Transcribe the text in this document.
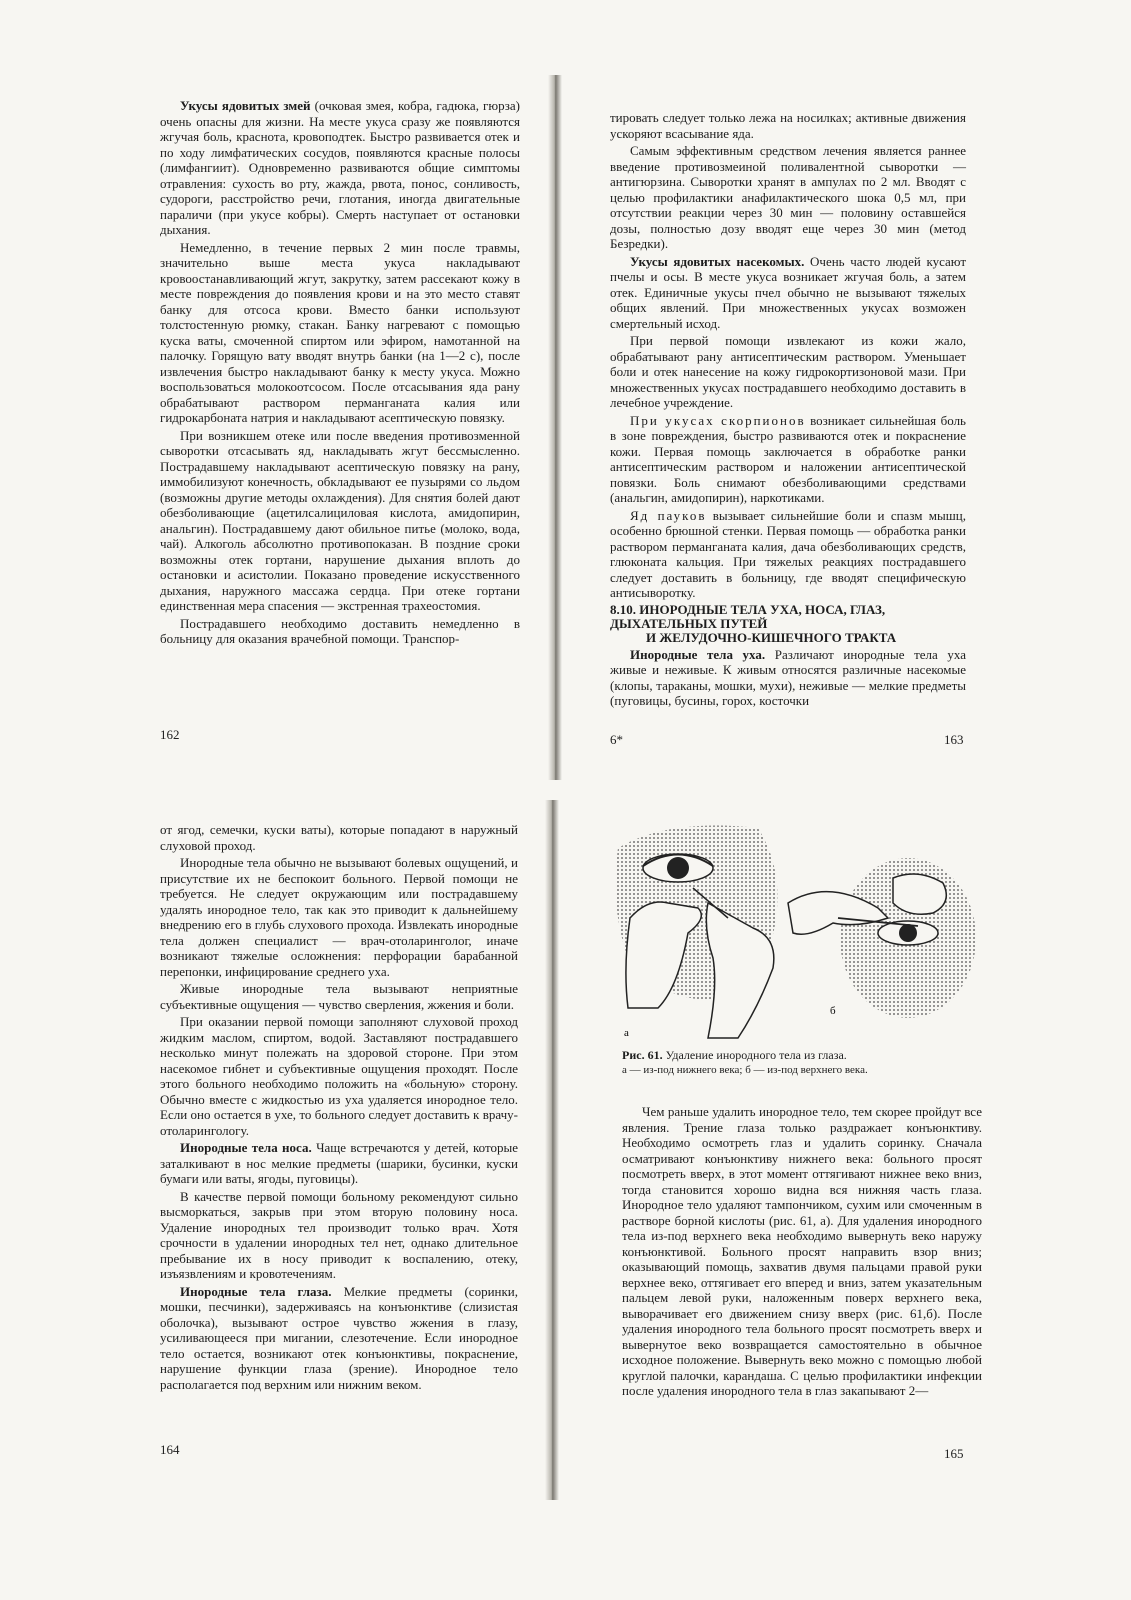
Укусы ядовитых змей (очковая змея, кобра, гадюка, гюрза) очень опасны для жизни. На месте укуса сразу же появляются жгучая боль, краснота, кровоподтек. Быстро развивается отек и по ходу лимфатических сосудов, появляются красные полосы (лимфангиит). Одновременно развиваются общие симптомы отравления: сухость во рту, жажда, рвота, понос, сонливость, судороги, расстройство речи, глотания, иногда двигательные параличи (при укусе кобры). Смерть наступает от остановки дыхания.

Немедленно, в течение первых 2 мин после травмы, значительно выше места укуса накладывают кровоостанавливающий жгут, закрутку, затем рассекают кожу в месте повреждения до появления крови и на это место ставят банку для отсоса крови. Вместо банки используют толстостенную рюмку, стакан. Банку нагревают с помощью куска ваты, смоченной спиртом или эфиром, намотанной на палочку. Горящую вату вводят внутрь банки (на 1—2 с), после извлечения быстро накладывают банку к месту укуса. Можно воспользоваться молокоотсосом. После отсасывания яда рану обрабатывают раствором перманганата калия или гидрокарбоната натрия и накладывают асептическую повязку.

При возникшем отеке или после введения противозменной сыворотки отсасывать яд, накладывать жгут бессмысленно. Пострадавшему накладывают асептическую повязку на рану, иммобилизуют конечность, обкладывают ее пузырями со льдом (возможны другие методы охлаждения). Для снятия болей дают обезболивающие (ацетилсалициловая кислота, амидопирин, анальгин). Пострадавшему дают обильное питье (молоко, вода, чай). Алкоголь абсолютно противопоказан. В поздние сроки возможны отек гортани, нарушение дыхания вплоть до остановки и асистолии. Показано проведение искусственного дыхания, наружного массажа сердца. При отеке гортани единственная мера спасения — экстренная трахеостомия.

Пострадавшего необходимо доставить немедленно в больницу для оказания врачебной помощи. Транспор-

162

тировать следует только лежа на носилках; активные движения ускоряют всасывание яда.

Самым эффективным средством лечения является раннее введение противозмеиной поливалентной сыворотки — антигюрзина. Сыворотки хранят в ампулах по 2 мл. Вводят с целью профилактики анафилактического шока 0,5 мл, при отсутствии реакции через 30 мин — половину оставшейся дозы, полностью дозу вводят еще через 30 мин (метод Безредки).

Укусы ядовитых насекомых. Очень часто людей кусают пчелы и осы. В месте укуса возникает жгучая боль, а затем отек. Единичные укусы пчел обычно не вызывают тяжелых общих явлений. При множественных укусах возможен смертельный исход.

При первой помощи извлекают из кожи жало, обрабатывают рану антисептическим раствором. Уменьшает боли и отек нанесение на кожу гидрокортизоновой мази. При множественных укусах пострадавшего необходимо доставить в лечебное учреждение.

При укусах скорпионов возникает сильнейшая боль в зоне повреждения, быстро развиваются отек и покраснение кожи. Первая помощь заключается в обработке ранки антисептическим раствором и наложении антисептической повязки. Боль снимают обезболивающими средствами (анальгин, амидопирин), наркотиками.

Яд пауков вызывает сильнейшие боли и спазм мышц, особенно брюшной стенки. Первая помощь — обработка ранки раствором перманганата калия, дача обезболивающих средств, глюконата кальция. При тяжелых реакциях пострадавшего следует доставить в больницу, где вводят специфическую антисыворотку.

8.10. ИНОРОДНЫЕ ТЕЛА УХА, НОСА, ГЛАЗ, ДЫХАТЕЛЬНЫХ ПУТЕЙ
И ЖЕЛУДОЧНО-КИШЕЧНОГО ТРАКТА

Инородные тела уха. Различают инородные тела уха живые и неживые. К живым относятся различные насекомые (клопы, тараканы, мошки, мухи), неживые — мелкие предметы (пуговицы, бусины, горох, косточки

6*	163

от ягод, семечки, куски ваты), которые попадают в наружный слуховой проход.

Инородные тела обычно не вызывают болевых ощущений, и присутствие их не беспокоит больного. Первой помощи не требуется. Не следует окружающим или пострадавшему удалять инородное тело, так как это приводит к дальнейшему внедрению его в глубь слухового прохода. Извлекать инородные тела должен специалист — врач-отоларинголог, иначе возникают тяжелые осложнения: перфорации барабанной перепонки, инфицирование среднего уха.

Живые инородные тела вызывают неприятные субъективные ощущения — чувство сверления, жжения и боли.

При оказании первой помощи заполняют слуховой проход жидким маслом, спиртом, водой. Заставляют пострадавшего несколько минут полежать на здоровой стороне. При этом насекомое гибнет и субъективные ощущения проходят. После этого больного необходимо положить на «больную» сторону. Обычно вместе с жидкостью из уха удаляется инородное тело. Если оно остается в ухе, то больного следует доставить к врачу-отоларингологу.

Инородные тела носа. Чаще встречаются у детей, которые заталкивают в нос мелкие предметы (шарики, бусинки, куски бумаги или ваты, ягоды, пуговицы).

В качестве первой помощи больному рекомендуют сильно высморкаться, закрыв при этом вторую половину носа. Удаление инородных тел производит только врач. Хотя срочности в удалении инородных тел нет, однако длительное пребывание их в носу приводит к воспалению, отеку, изъязвлениям и кровотечениям.

Инородные тела глаза. Мелкие предметы (соринки, мошки, песчинки), задерживаясь на конъюнктиве (слизистая оболочка), вызывают острое чувство жжения в глазу, усиливающееся при мигании, слезотечение. Если инородное тело остается, возникают отек конъюнктивы, покраснение, нарушение функции глаза (зрение). Инородное тело располагается под верхним или нижним веком.

164
а
б
Рис. 61. Удаление инородного тела из глаза.
а — из-под нижнего века; б — из-под верхнего века.

Чем раньше удалить инородное тело, тем скорее пройдут все явления. Трение глаза только раздражает конъюнктиву. Необходимо осмотреть глаз и удалить соринку. Сначала осматривают конъюнктиву нижнего века: больного просят посмотреть вверх, в этот момент оттягивают нижнее веко вниз, тогда становится хорошо видна вся нижняя часть глаза. Инородное тело удаляют тампончиком, сухим или смоченным в растворе борной кислоты (рис. 61, а). Для удаления инородного тела из-под верхнего века необходимо вывернуть веко наружу конъюнктивой. Больного просят направить взор вниз; оказывающий помощь, захватив двумя пальцами правой руки верхнее веко, оттягивает его вперед и вниз, затем указательным пальцем левой руки, наложенным поверх верхнего века, выворачивает его движением снизу вверх (рис. 61,б). После удаления инородного тела больного просят посмотреть вверх и вывернутое веко возвращается самостоятельно в обычное исходное положение. Вывернуть веко можно с помощью любой круглой палочки, карандаша. С целью профилактики инфекции после удаления инородного тела в глаз закапывают 2—

165
